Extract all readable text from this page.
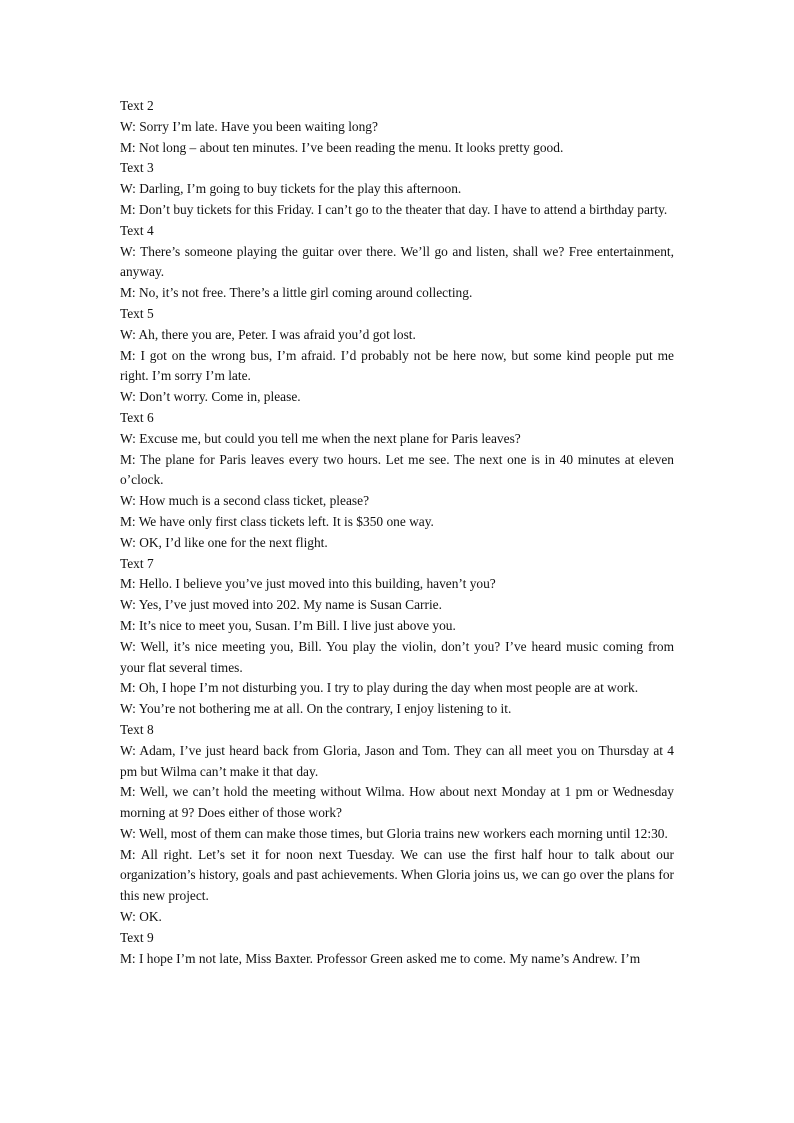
Text 2

W: Sorry I’m late. Have you been waiting long?

M: Not long – about ten minutes. I’ve been reading the menu. It looks pretty good.

Text 3

W: Darling, I’m going to buy tickets for the play this afternoon.

M: Don’t buy tickets for this Friday. I can’t go to the theater that day. I have to attend a birthday party.

Text 4

W: There’s someone playing the guitar over there. We’ll go and listen, shall we? Free entertainment, anyway.

M: No, it’s not free. There’s a little girl coming around collecting.

Text 5

W: Ah, there you are, Peter. I was afraid you’d got lost.

M: I got on the wrong bus, I’m afraid. I’d probably not be here now, but some kind people put me right. I’m sorry I’m late.

W: Don’t worry. Come in, please.

Text 6

W: Excuse me, but could you tell me when the next plane for Paris leaves?

M: The plane for Paris leaves every two hours. Let me see. The next one is in 40 minutes at eleven o’clock.

W: How much is a second class ticket, please?

M: We have only first class tickets left. It is $350 one way.

W: OK, I’d like one for the next flight.

Text 7

M: Hello. I believe you’ve just moved into this building, haven’t you?

W: Yes, I’ve just moved into 202. My name is Susan Carrie.

M: It’s nice to meet you, Susan. I’m Bill. I live just above you.

W: Well, it’s nice meeting you, Bill. You play the violin, don’t you? I’ve heard music coming from your flat several times.

M: Oh, I hope I’m not disturbing you. I try to play during the day when most people are at work.

W: You’re not bothering me at all. On the contrary, I enjoy listening to it.

Text 8

W: Adam, I’ve just heard back from Gloria, Jason and Tom. They can all meet you on Thursday at 4 pm but Wilma can’t make it that day.

M: Well, we can’t hold the meeting without Wilma. How about next Monday at 1 pm or Wednesday morning at 9? Does either of those work?

W: Well, most of them can make those times, but Gloria trains new workers each morning until 12:30.

M: All right. Let’s set it for noon next Tuesday. We can use the first half hour to talk about our organization’s history, goals and past achievements. When Gloria joins us, we can go over the plans for this new project.

W: OK.

Text 9

M: I hope I’m not late, Miss Baxter. Professor Green asked me to come. My name’s Andrew. I’m
